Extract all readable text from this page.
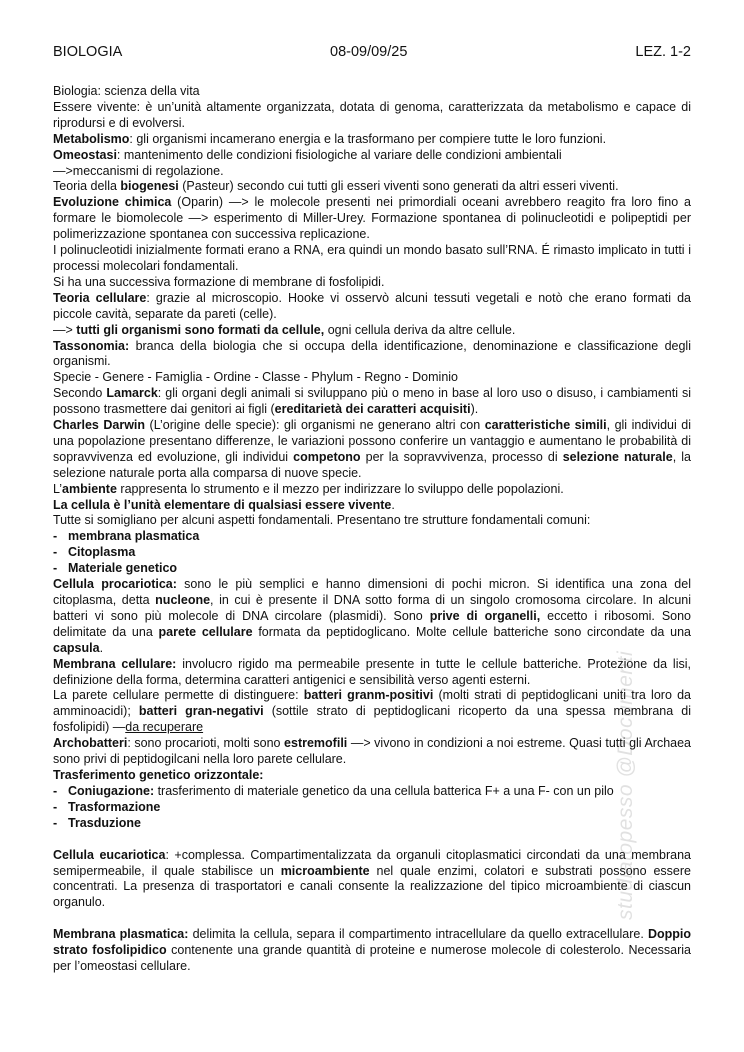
BIOLOGIA	08-09/09/25	LEZ. 1-2
Biologia: scienza della vita
Essere vivente: è un’unità altamente organizzata, dotata di genoma, caratterizzata da metabolismo e capace di riprodursi e di evolversi.
Metabolismo: gli organismi incamerano energia e la trasformano per compiere tutte le loro funzioni.
Omeostasi: mantenimento delle condizioni fisiologiche al variare delle condizioni ambientali
—>meccanismi di regolazione.
Teoria della biogenesi (Pasteur) secondo cui tutti gli esseri viventi sono generati da altri esseri viventi.
Evoluzione chimica (Oparin) —> le molecole presenti nei primordiali oceani avrebbero reagito fra loro fino a formare le biomolecole —> esperimento di Miller-Urey. Formazione spontanea di polinucleotidi e polipeptidi per polimerizzazione spontanea con successiva replicazione.
I polinucleotidi inizialmente formati erano a RNA, era quindi un mondo basato sull’RNA. É rimasto implicato in tutti i processi molecolari fondamentali.
Si ha una successiva formazione di membrane di fosfolipidi.
Teoria cellulare: grazie al microscopio. Hooke vi osservò alcuni tessuti vegetali e notò che erano formati da piccole cavità, separate da pareti (celle).
—> tutti gli organismi sono formati da cellule, ogni cellula deriva da altre cellule.
Tassonomia: branca della biologia che si occupa della identificazione, denominazione e classificazione degli organismi.
Specie - Genere - Famiglia - Ordine - Classe - Phylum - Regno - Dominio
Secondo Lamarck: gli organi degli animali si sviluppano più o meno in base al loro uso o disuso, i cambiamenti si possono trasmettere dai genitori ai figli (ereditarietà dei caratteri acquisiti).
Charles Darwin (L’origine delle specie): gli organismi ne generano altri con caratteristiche simili, gli individui di una popolazione presentano differenze, le variazioni possono conferire un vantaggio e aumentano le probabilità di sopravvivenza ed evoluzione, gli individui competono per la sopravvivenza, processo di selezione naturale, la selezione naturale porta alla comparsa di nuove specie.
L’ambiente rappresenta lo strumento e il mezzo per indirizzare lo sviluppo delle popolazioni.
La cellula è l’unità elementare di qualsiasi essere vivente.
Tutte si somigliano per alcuni aspetti fondamentali. Presentano tre strutture fondamentali comuni:
- membrana plasmatica
- Citoplasma
- Materiale genetico
Cellula procariotica: sono le più semplici e hanno dimensioni di pochi micron. Si identifica una zona del citoplasma, detta nucleone, in cui è presente il DNA sotto forma di un singolo cromosoma circolare. In alcuni batteri vi sono più molecole di DNA circolare (plasmidi). Sono prive di organelli, eccetto i ribosomi. Sono delimitate da una parete cellulare formata da peptidoglicano. Molte cellule batteriche sono circondate da una capsula.
Membrana cellulare: involucro rigido ma permeabile presente in tutte le cellule batteriche. Protezione da lisi, definizione della forma, determina caratteri antigenici e sensibilità verso agenti esterni.
La parete cellulare permette di distinguere: batteri granm-positivi (molti strati di peptidoglicani uniti tra loro da amminoacidi); batteri gran-negativi (sottile strato di peptidoglicani ricoperto da una spessa membrana di fosfolipidi) —da recuperare
Archobatteri: sono procarioti, molti sono estremofili —> vivono in condizioni a noi estreme. Quasi tutti gli Archaea sono privi di peptidogilcani nella loro parete cellulare.
Trasferimento genetico orizzontale:
- Coniugazione: trasferimento di materiale genetico da una cellula batterica F+ a una F- con un pilo
- Trasformazione
- Trasduzione
Cellula eucariotica: +complessa. Compartimentalizzata da organuli citoplasmatici circondati da una membrana semipermeabile, il quale stabilisce un microambiente nel quale enzimi, colatori e substrati possono essere concentrati. La presenza di trasportatori e canali consente la realizzazione del tipico microambiente di ciascun organulo.
Membrana plasmatica: delimita la cellula, separa il compartimento intracellulare da quello extracellulare. Doppio strato fosfolipidico contenente una grande quantità di proteine e numerose molecole di colesterolo. Necessaria per l’omeostasi cellulare.
studiatopesso @Documenti
